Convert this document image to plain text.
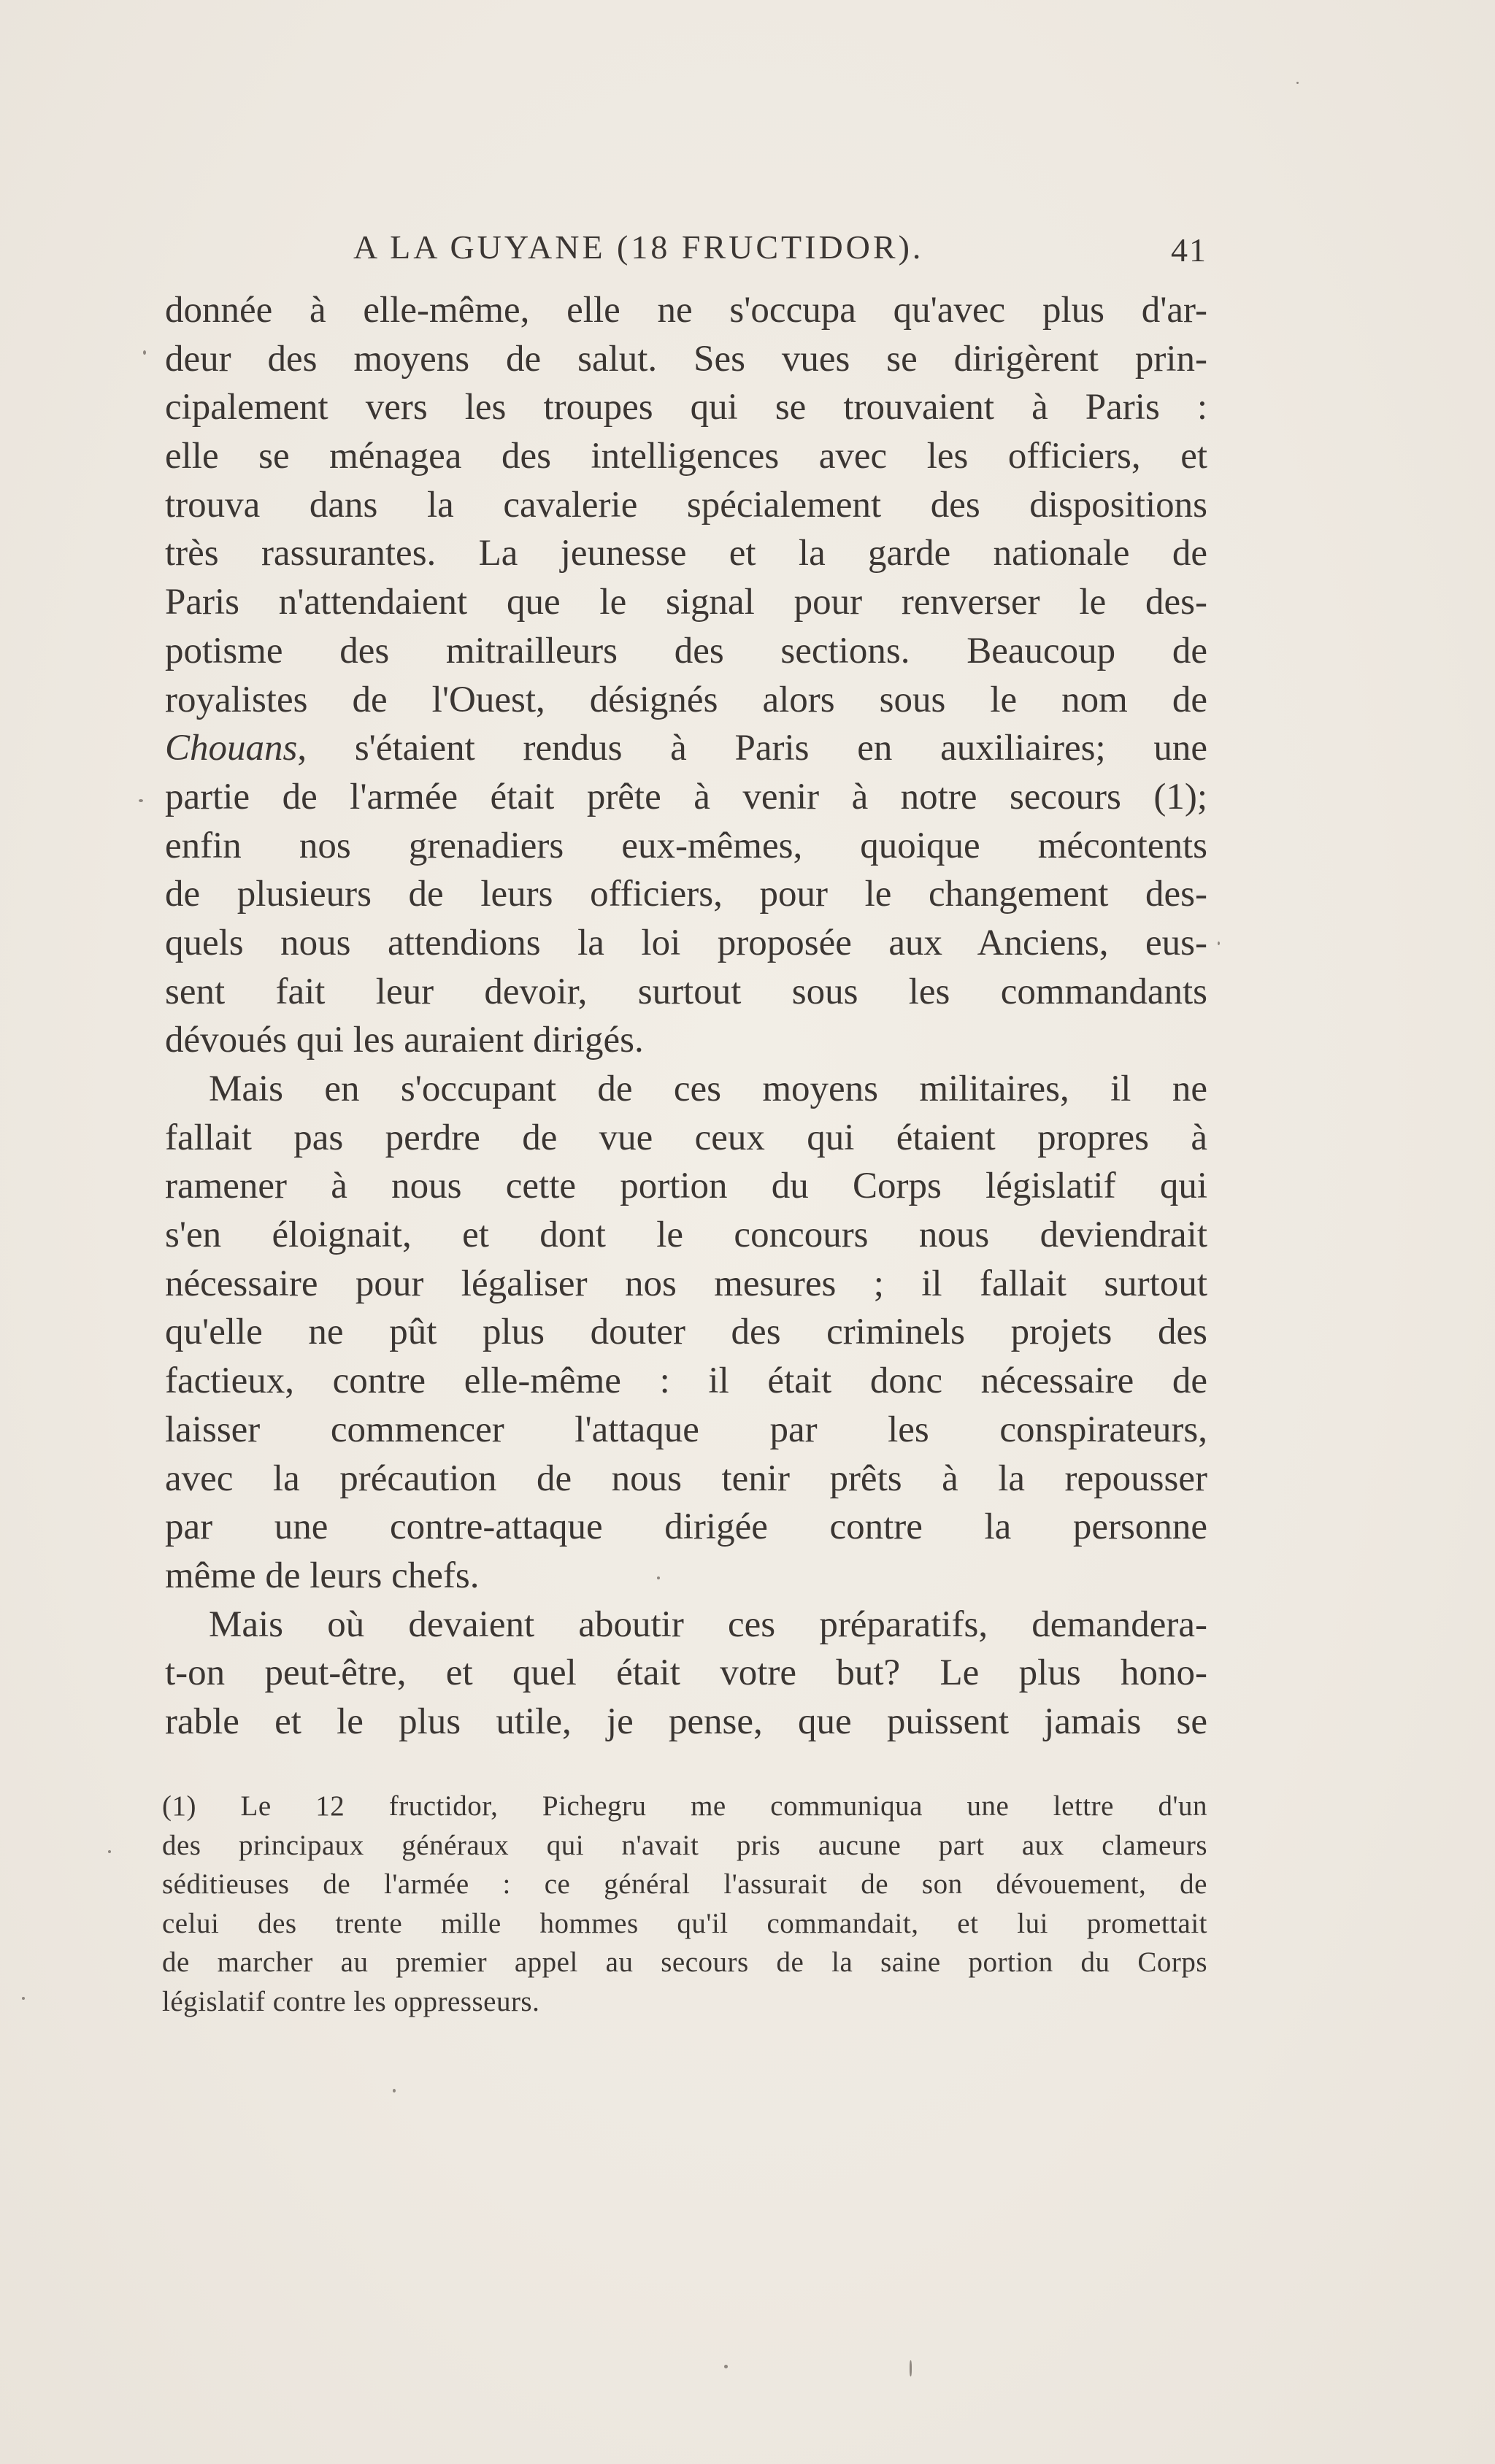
A LA GUYANE (18 FRUCTIDOR).	41
donnée à elle-même, elle ne s'occupa qu'avec plus d'ar-
deur des moyens de salut. Ses vues se dirigèrent prin-
cipalement vers les troupes qui se trouvaient à Paris :
elle se ménagea des intelligences avec les officiers, et
trouva dans la cavalerie spécialement des dispositions
très rassurantes. La jeunesse et la garde nationale de
Paris n'attendaient que le signal pour renverser le des-
potisme des mitrailleurs des sections. Beaucoup de
royalistes de l'Ouest, désignés alors sous le nom de
Chouans, s'étaient rendus à Paris en auxiliaires; une
partie de l'armée était prête à venir à notre secours (1);
enfin nos grenadiers eux-mêmes, quoique mécontents
de plusieurs de leurs officiers, pour le changement des-
quels nous attendions la loi proposée aux Anciens, eus-
sent fait leur devoir, surtout sous les commandants
dévoués qui les auraient dirigés.
Mais en s'occupant de ces moyens militaires, il ne
fallait pas perdre de vue ceux qui étaient propres à
ramener à nous cette portion du Corps législatif qui
s'en éloignait, et dont le concours nous deviendrait
nécessaire pour légaliser nos mesures ; il fallait surtout
qu'elle ne pût plus douter des criminels projets des
factieux, contre elle-même : il était donc nécessaire de
laisser commencer l'attaque par les conspirateurs,
avec la précaution de nous tenir prêts à la repousser
par une contre-attaque dirigée contre la personne
même de leurs chefs.
Mais où devaient aboutir ces préparatifs, demandera-
t-on peut-être, et quel était votre but? Le plus hono-
rable et le plus utile, je pense, que puissent jamais se
(1) Le 12 fructidor, Pichegru me communiqua une lettre d'un
des principaux généraux qui n'avait pris aucune part aux clameurs
séditieuses de l'armée : ce général l'assurait de son dévouement, de
celui des trente mille hommes qu'il commandait, et lui promettait
de marcher au premier appel au secours de la saine portion du Corps
législatif contre les oppresseurs.
